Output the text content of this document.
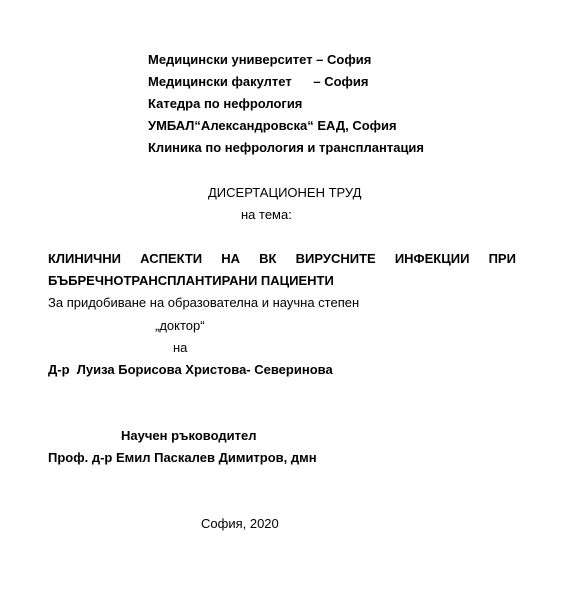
Медицински университет – София
Медицински факултет      – София
Катедра по нефрология
УМБАЛ“Александровска“ ЕАД, София
Клиника по нефрология и трансплантация
ДИСЕРТАЦИОНЕН ТРУД
на тема:
КЛИНИЧНИ АСПЕКТИ НА ВК ВИРУСНИТЕ ИНФЕКЦИИ ПРИ
БЪБРЕЧНОТРАНСПЛАНТИРАНИ ПАЦИЕНТИ
За придобиване на образователна и научна степен
„доктор“
на
Д-р  Луиза Борисова Христова- Северинова
Научен ръководител
Проф. д-р Емил Паскалев Димитров, дмн
София, 2020
